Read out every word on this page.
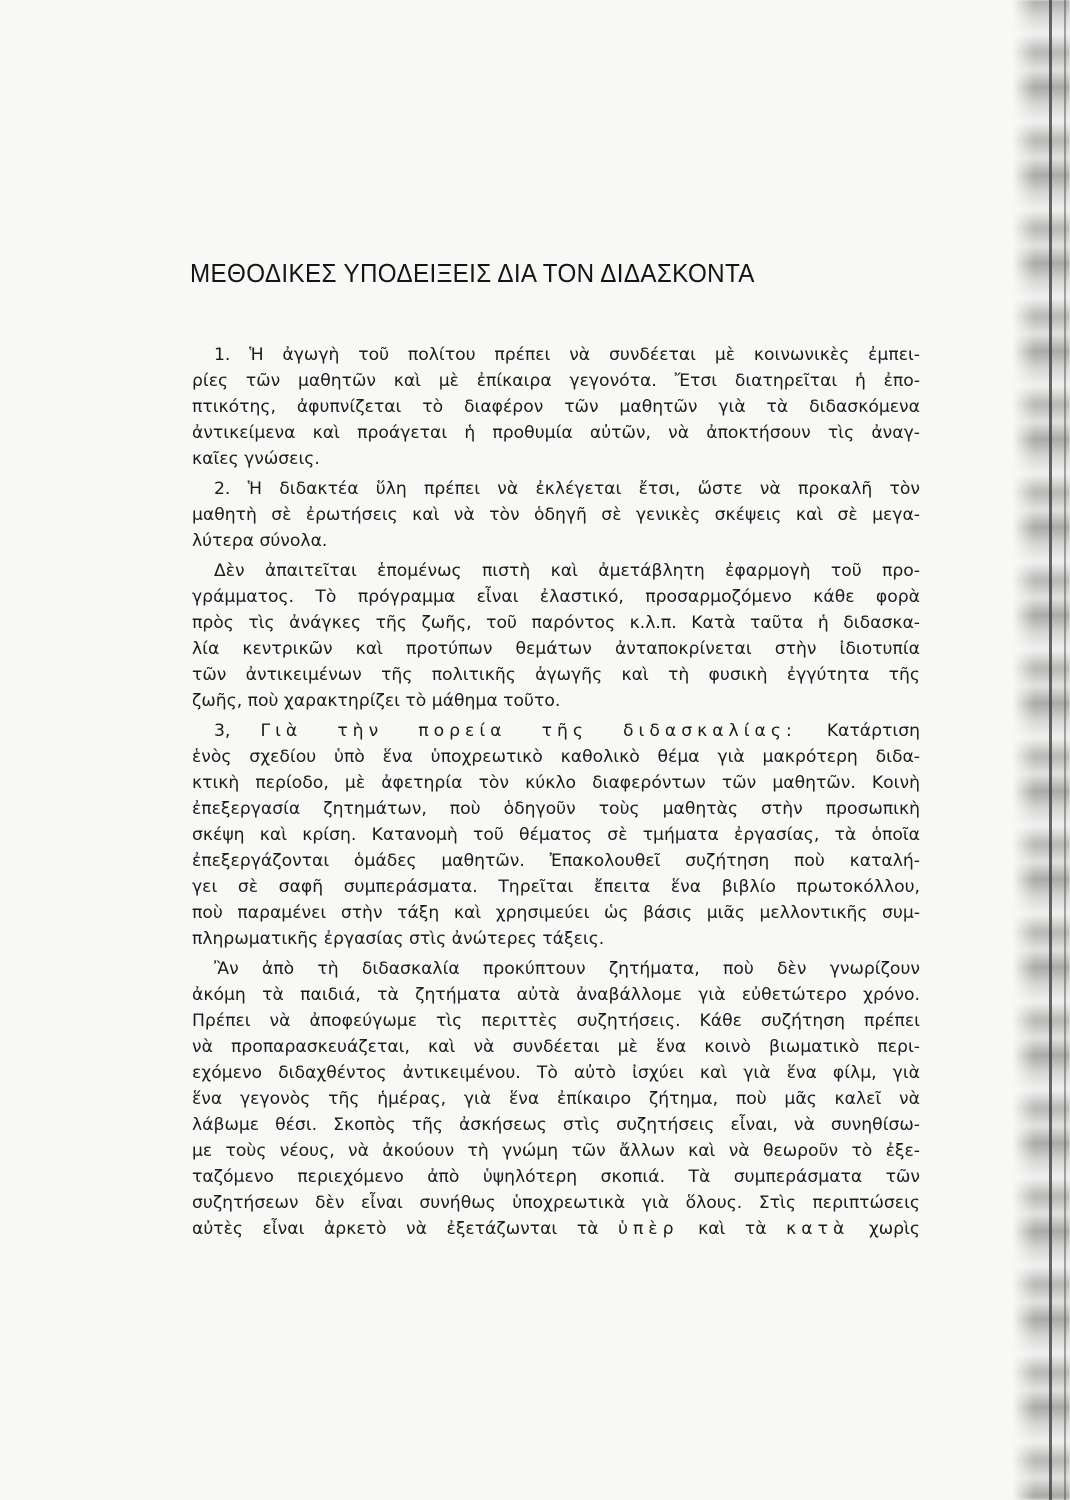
ΜΕΘΟΔΙΚΕΣ ΥΠΟΔΕΙΞΕΙΣ ΔΙΑ ΤΟΝ ΔΙΔΑΣΚΟΝΤΑ
1. Ἡ ἀγωγὴ τοῦ πολίτου πρέπει νὰ συνδέεται μὲ κοινωνικὲς ἐμπει-
ρίες τῶν μαθητῶν καὶ μὲ ἐπίκαιρα γεγονότα. Ἔτσι διατηρεῖται ἡ ἐπο-
πτικότης, ἀφυπνίζεται τὸ διαφέρον τῶν μαθητῶν γιὰ τὰ διδασκόμενα
ἀντικείμενα καὶ προάγεται ἡ προθυμία αὐτῶν, νὰ ἀποκτήσουν τὶς ἀναγ-
καῖες γνώσεις.
2. Ἡ διδακτέα ὕλη πρέπει νὰ ἐκλέγεται ἔτσι, ὥστε νὰ προκαλῆ τὸν
μαθητὴ σὲ ἐρωτήσεις καὶ νὰ τὸν ὁδηγῆ σὲ γενικὲς σκέψεις καὶ σὲ μεγα-
λύτερα σύνολα.
Δὲν ἀπαιτεῖται ἑπομένως πιστὴ καὶ ἀμετάβλητη ἐφαρμογὴ τοῦ προ-
γράμματος. Τὸ πρόγραμμα εἶναι ἐλαστικό, προσαρμοζόμενο κάθε φορὰ
πρὸς τὶς ἀνάγκες τῆς ζωῆς, τοῦ παρόντος κ.λ.π. Κατὰ ταῦτα ἡ διδασκα-
λία κεντρικῶν καὶ προτύπων θεμάτων ἀνταποκρίνεται στὴν ἰδιοτυπία
τῶν ἀντικειμένων τῆς πολιτικῆς ἀγωγῆς καὶ τὴ φυσικὴ ἐγγύτητα τῆς
ζωῆς, ποὺ χαρακτηρίζει τὸ μάθημα τοῦτο.
3, Γιὰ τὴν πορεία τῆς διδασκαλίας: Κατάρτιση
ἑνὸς σχεδίου ὑπὸ ἕνα ὑποχρεωτικὸ καθολικὸ θέμα γιὰ μακρότερη διδα-
κτικὴ περίοδο, μὲ ἀφετηρία τὸν κύκλο διαφερόντων τῶν μαθητῶν. Κοινὴ
ἐπεξεργασία ζητημάτων, ποὺ ὁδηγοῦν τοὺς μαθητὰς στὴν προσωπικὴ
σκέψη καὶ κρίση. Κατανομὴ τοῦ θέματος σὲ τμήματα ἐργασίας, τὰ ὁποῖα
ἐπεξεργάζονται ὁμάδες μαθητῶν. Ἐπακολουθεῖ συζήτηση ποὺ καταλή-
γει σὲ σαφῆ συμπεράσματα. Τηρεῖται ἔπειτα ἕνα βιβλίο πρωτοκόλλου,
ποὺ παραμένει στὴν τάξη καὶ χρησιμεύει ὡς βάσις μιᾶς μελλοντικῆς συμ-
πληρωματικῆς ἐργασίας στὶς ἀνώτερες τάξεις.
Ἂν ἀπὸ τὴ διδασκαλία προκύπτουν ζητήματα, ποὺ δὲν γνωρίζουν
ἀκόμη τὰ παιδιά, τὰ ζητήματα αὐτὰ ἀναβάλλομε γιὰ εὐθετώτερο χρόνο.
Πρέπει νὰ ἀποφεύγωμε τὶς περιττὲς συζητήσεις. Κάθε συζήτηση πρέπει
νὰ προπαρασκευάζεται, καὶ νὰ συνδέεται μὲ ἕνα κοινὸ βιωματικὸ περι-
εχόμενο διδαχθέντος ἀντικειμένου. Τὸ αὐτὸ ἰσχύει καὶ γιὰ ἕνα φίλμ, γιὰ
ἕνα γεγονὸς τῆς ἡμέρας, γιὰ ἕνα ἐπίκαιρο ζήτημα, ποὺ μᾶς καλεῖ νὰ
λάβωμε θέσι. Σκοπὸς τῆς ἀσκήσεως στὶς συζητήσεις εἶναι, νὰ συνηθίσω-
με τοὺς νέους, νὰ ἀκούουν τὴ γνώμη τῶν ἄλλων καὶ νὰ θεωροῦν τὸ ἐξε-
ταζόμενο περιεχόμενο ἀπὸ ὑψηλότερη σκοπιά. Τὰ συμπεράσματα τῶν
συζητήσεων δὲν εἶναι συνήθως ὑποχρεωτικὰ γιὰ ὅλους. Στὶς περιπτώσεις
αὐτὲς εἶναι ἀρκετὸ νὰ ἐξετάζωνται τὰ ὑπὲρ καὶ τὰ κατὰ χωρὶς
